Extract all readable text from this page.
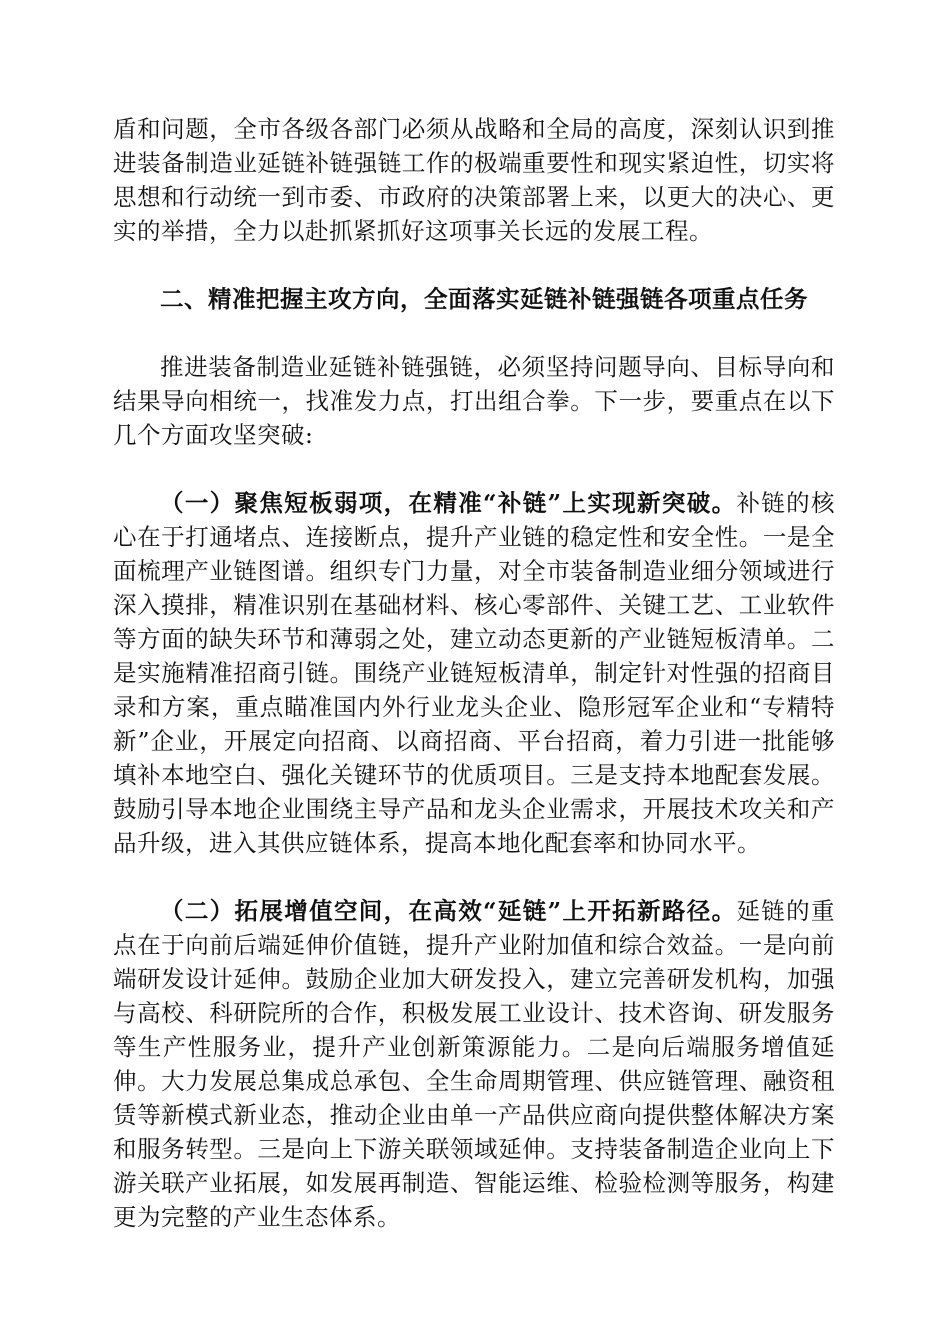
盾和问题，全市各级各部门必须从战略和全局的高度，深刻认识到推进装备制造业延链补链强链工作的极端重要性和现实紧迫性，切实将思想和行动统一到市委、市政府的决策部署上来，以更大的决心、更实的举措，全力以赴抓紧抓好这项事关长远的发展工程。

二、精准把握主攻方向，全面落实延链补链强链各项重点任务

推进装备制造业延链补链强链，必须坚持问题导向、目标导向和结果导向相统一，找准发力点，打出组合拳。下一步，要重点在以下几个方面攻坚突破:

（一）聚焦短板弱项，在精准“补链”上实现新突破。补链的核心在于打通堵点、连接断点，提升产业链的稳定性和安全性。一是全面梳理产业链图谱。组织专门力量，对全市装备制造业细分领域进行深入摸排，精准识别在基础材料、核心零部件、关键工艺、工业软件等方面的缺失环节和薄弱之处，建立动态更新的产业链短板清单。二是实施精准招商引链。围绕产业链短板清单，制定针对性强的招商目录和方案，重点瞄准国内外行业龙头企业、隐形冠军企业和“专精特新”企业，开展定向招商、以商招商、平台招商，着力引进一批能够填补本地空白、强化关键环节的优质项目。三是支持本地配套发展。鼓励引导本地企业围绕主导产品和龙头企业需求，开展技术攻关和产品升级，进入其供应链体系，提高本地化配套率和协同水平。

（二）拓展增值空间，在高效“延链”上开拓新路径。延链的重点在于向前后端延伸价值链，提升产业附加值和综合效益。一是向前端研发设计延伸。鼓励企业加大研发投入，建立完善研发机构，加强与高校、科研院所的合作，积极发展工业设计、技术咨询、研发服务等生产性服务业，提升产业创新策源能力。二是向后端服务增值延伸。大力发展总集成总承包、全生命周期管理、供应链管理、融资租赁等新模式新业态，推动企业由单一产品供应商向提供整体解决方案和服务转型。三是向上下游关联领域延伸。支持装备制造企业向上下游关联产业拓展，如发展再制造、智能运维、检验检测等服务，构建更为完整的产业生态体系。
